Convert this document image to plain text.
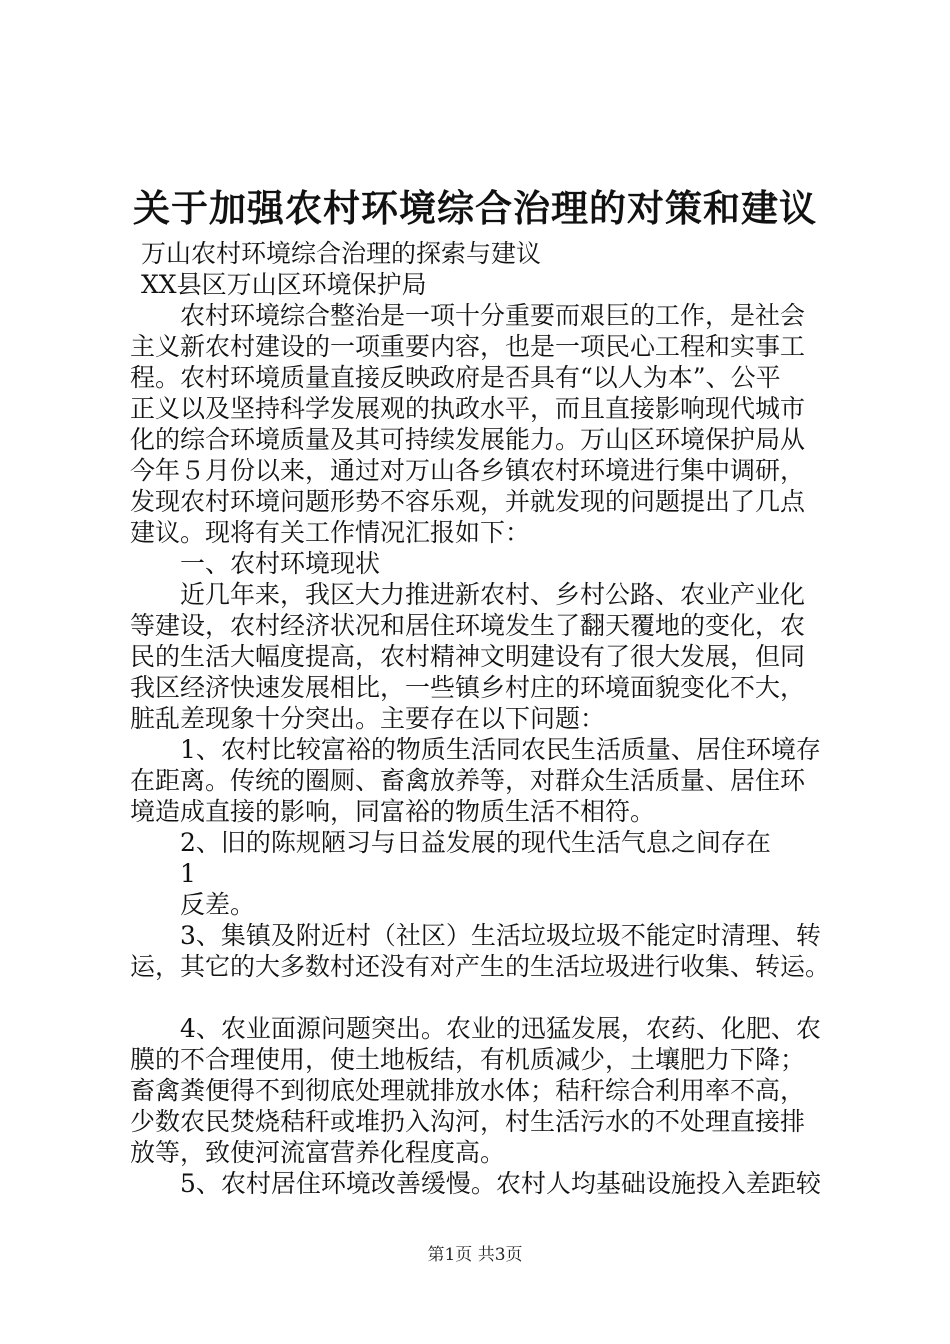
关于加强农村环境综合治理的对策和建议
万山农村环境综合治理的探索与建议
XX县区万山区环境保护局
农村环境综合整治是一项十分重要而艰巨的工作，是社会
主义新农村建设的一项重要内容，也是一项民心工程和实事工
程。农村环境质量直接反映政府是否具有“以人为本”、公平
正义以及坚持科学发展观的执政水平，而且直接影响现代城市
化的综合环境质量及其可持续发展能力。万山区环境保护局从
今年５月份以来，通过对万山各乡镇农村环境进行集中调研，
发现农村环境问题形势不容乐观，并就发现的问题提出了几点
建议。现将有关工作情况汇报如下：
一、农村环境现状
近几年来，我区大力推进新农村、乡村公路、农业产业化
等建设，农村经济状况和居住环境发生了翻天覆地的变化，农
民的生活大幅度提高，农村精神文明建设有了很大发展，但同
我区经济快速发展相比，一些镇乡村庄的环境面貌变化不大，
脏乱差现象十分突出。主要存在以下问题：
1、农村比较富裕的物质生活同农民生活质量、居住环境存
在距离。传统的圈厕、畜禽放养等，对群众生活质量、居住环
境造成直接的影响，同富裕的物质生活不相符。
2、旧的陈规陋习与日益发展的现代生活气息之间存在
1
反差。
3、集镇及附近村（社区）生活垃圾垃圾不能定时清理、转
运，其它的大多数村还没有对产生的生活垃圾进行收集、转运。
4、农业面源问题突出。农业的迅猛发展，农药、化肥、农
膜的不合理使用，使土地板结，有机质减少，土壤肥力下降；
畜禽粪便得不到彻底处理就排放水体；秸秆综合利用率不高，
少数农民焚烧秸秆或堆扔入沟河，村生活污水的不处理直接排
放等，致使河流富营养化程度高。
5、农村居住环境改善缓慢。农村人均基础设施投入差距较
第1页 共3页
